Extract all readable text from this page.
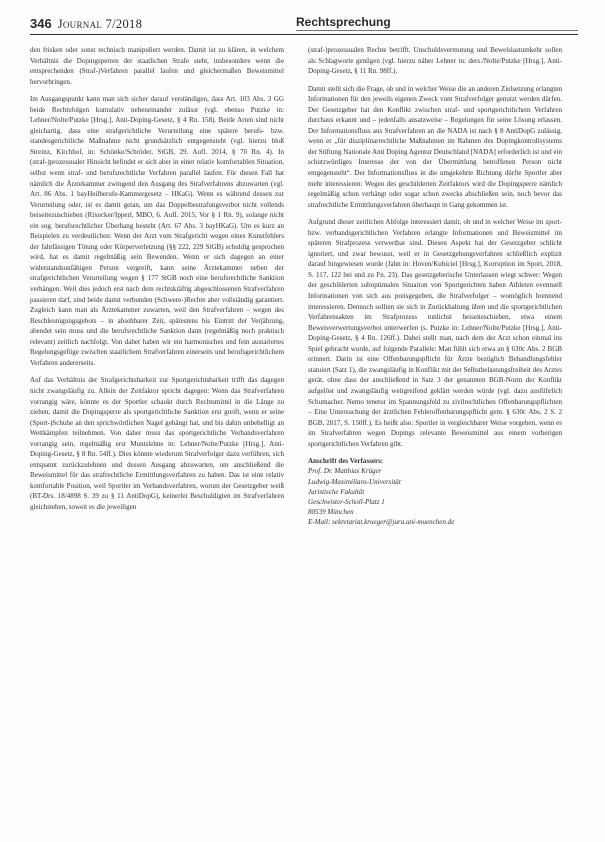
346 Journal 7/2018	Rechtsprechung

den frisken oder sonst technisch manipuliert werden. Damit ist zu klären, in welchem Verhältnis die Dopingsperren der staatlichen Strafe steht, insbesondere wenn die entsprechenden (Straf-)Verfahren parallel laufen und gleichermaßen Beweismittel hervorbringen.

Im Ausgangspunkt kann man sich sicher darauf verständigen, dass Art. 103 Abs. 3 GG beide Rechtsfolgen kumulativ nebeneinander zulässt (vgl. ebenso Putzke in: Lehner/Nolte/Putzke [Hrsg.], Anti-Doping-Gesetz, § 4 Rn. 158). Beide Arten sind nicht gleichartig, dass eine strafgerichtliche Verurteilung eine spätere berufs- bzw. standesgerichtliche Maßnahme nicht grundsätzlich entgegensteht (vgl. hierzu bloß Streinz, Kirchhof, in: Schönke/Schröder, StGB, 29. Aufl. 2014, § 70 Rn. 4). In (straf-)prozessualer Hinsicht befindet er sich aber in einer relativ komfortablen Situation, selbst wenn straf- und berufsrechtliche Verfahren parallel laufen. Für diesen Fall hat nämlich die Ärztekammer zwingend den Ausgang des Strafverfahrens abzuwarten (vgl. Art. 86 Abs. 1 bayHeilberufe-Kammergesetz – HKaG). Wenn es während dessen zur Verurteilung oder, ist es damit getan, um das Doppelbestrafungsverbot nicht vollends beiseitezuschieben (Rixecker/Ipperl, MBO, 6. Aufl. 2015, Vor § 1 Rn. 9), solange nicht ein sog. berufsrechtlicher Überhang besteht (Art. 67 Abs. 3 bayHKaG). Um es kurz an Beispielen zu verdeutlichen: Wenn der Arzt vom Strafgericht wegen eines Kunstfehlers der fahrlässigen Tötung oder Körperverletzung (§§ 222, 229 StGB) schuldig gesprochen wird, hat es damit regelmäßig sein Bewenden. Wenn er sich dagegen an einer widerstandsunfähigen Person vergreift, kann seine Ärztekammer neben der strafgerichtlichen Verurteilung wegen § 177 StGB noch eine berufsrechtliche Sanktion verhängen. Weil dies jedoch erst nach dem rechtskräftig abgeschlossenen Strafverfahren passieren darf, sind beide damit verbunden (Schwere-)Rechte aber vollständig garantiert. Zugleich kann man als Ärztekammer zuwarten, weil den Strafverfahren – wegen des Beschleunigungsgebots – in absehbarer Zeit, spätestens bis Eintritt der Verjährung, abendet sein muss und die berufsrechtliche Sanktion dann (regelmäßig noch praktisch relevant) zeitlich nachfolgt. Von daher haben wir ein harmonisches und fein austariertes Regelungsgefüge zwischen staatlichem Strafverfahren einerseits und berufsgerichtlichem Verfahren andererseits.

Auf das Verhältnis der Strafgerichtsbarkeit zur Sportgerichtsbarkeit trifft das dagegen nicht zwangsläufig zu. Allein der Zeitfaktor spricht dagegen: Wenn das Strafverfahren vorrangig wäre, könnte es der Sportler schaukt durch Rechtsmittel in die Länge zu ziehen, damit die Dopingsperre als sportgerichtliche Sanktion erst greift, wenn er seine (Sport-)Schuhe an den sprichwörtlichen Nagel gehängt hat, und bis dahin unbehelligt an Wettkämpfen teilnehmen. Von daher muss das sportgerichtliche Verbandsverfahren vorrangig sein, regelmäßig erst Muntslehne in: Lehner/Nolte/Putzke [Hrsg.], Anti-Doping-Gesetz, § 8 Rn. 54ff.). Dies könnte wiederum Strafverfolger dazu verführen, sich entspannt zurückzulehnen und dessen Ausgang abzuwarten, um anschließend die Beweismittel für das strafrechtliche Ermittlungsverfahren zu haben. Das ist eine relativ komfortable Position, weil Sportler im Verbandsverfahren, worum der Gesetzgeber weiß (BT-Drs. 18/4898 S. 39 zu § 11 AntiDopG), keinerlei Beschuldigten im Strafverfahren gleichstehen, soweit es die jeweiligen

(straf-)prozessualen Rechte betrifft. Unschuldsvermutung und Beweislastumkehr sollen als Schlagworte genügen (vgl. hierzu näher Lehner in: ders./Nolte/Putzke [Hrsg.], Anti-Doping-Gesetz, § 11 Rn. 98ff.).

Damit stellt sich die Frage, ob und in welcher Weise die an anderen Zielsetzung erlangten Informationen für den jeweils eigenen Zweck vom Strafverfolger genutzt werden dürfen. Der Gesetzgeber hat den Konflikt zwischen straf- und sportgerichtlichem Verfahren durchaus erkannt und – jedenfalls ansatzweise – Regelungen für seine Lösung erlassen. Der Informationsfluss aus Strafverfahren an die NADA ist nach § 8 AntiDopG zulässig, wenn er „für disziplinarrechtliche Maßnahmen im Rahmen des Dopingkontrollsystems der Stiftung Nationale Anti Doping Agentur Deutschland [NADA] erforderlich ist und ein schutzwürdiges Interesse der von der Übermittlung betroffenen Person nicht entgegensteht“. Der Informationsfluss in die umgekehrte Richtung dürfte Sportler aber mehr interessieren: Wegen des geschilderten Zeitfaktors wird die Dopingsperre nämlich regelmäßig schon verhängt oder sogar schon zwecks abschließen sein, noch bevor das strafrechtliche Ermittlungsverfahren überhaupt in Gang gekommen ist.

Aufgrund dieser zeitlichen Abfolge interessiert damit, ob und in welcher Weise im sport- bzw. verbandsgerichtlichen Verfahren erlangte Informationen und Beweismittel im späteren Strafprozess verwertbar sind. Diesen Aspekt hat der Gesetzgeber schlicht ignoriert, und zwar bewusst, weil er in Gesetzgebungsverfahren schließlich explizit darauf hingewiesen wurde (Jahn in: Hoven/Kubiciel [Hrsg.], Korruption im Sport, 2018, S. 117, 122 bei und zu Fn. 23). Das gesetzgeberische Unterlassen wiegt schwer: Wegen der geschilderten suboptimalen Situation von Sportgerichten haben Athleten eventuell Informationen von sich aus preisgegeben, die Strafverfolger – womöglich brennend interessieren. Dennoch sollten sie sich in Zurückhaltung üben und die sportgerichtlichen Verfahrensakten im Strafprozess tunlichst beiseiteschieben, etwa einem Beweisverwertungsverbot unterwerfen (s. Putzke in: Lehner/Nolte/Putzke [Hrsg.], Anti-Doping-Gesetz, § 4 Rn. 126ff.). Dabei stellt man, nach dem der Arzt schon einmal ins Spiel gebracht wurde, auf folgende Parallele: Man fühlt sich etwa an § 630c Abs. 2 BGB erinnert. Darin ist eine Offenbarungspflicht für Ärzte bezüglich Behandlungsfehler statuiert (Satz 1), die zwangsläufig in Konflikt mit der Selbstbelastungsfreiheit des Arztes gerät, ohne dass der anschließend in Satz 3 der genannten BGB-Norm der Konflikt aufgelöst und zwangsläufig weitgreifend geklärt werden würde (vgl. dazu ausführlich Schumacher. Nemo tenetur im Spannungsfeld zu zivilrechtlichen Offenbarungspflichten – Eine Untersuchung der ärztlichen Fehleroffenbarungspflicht gem. § 630c Abs. 2 S. 2 BGB, 2017, S. 150ff.). Es heißt also: Sportler in vergleichbarer Weise vorgehen, wenn es im Strafverfahren wegen Dopings relevante Beweismittel aus einem vorherigen sportgerichtlichen Verfahren gibt.

Anschrift des Verfassers:
Prof. Dr. Matthias Krüger
Ludwig-Maximilians-Universität
Juristische Fakultät
Geschwister-Scholl-Platz 1
80539 München
E-Mail: sekretariat.krueger@jura.uni-muenchen.de
